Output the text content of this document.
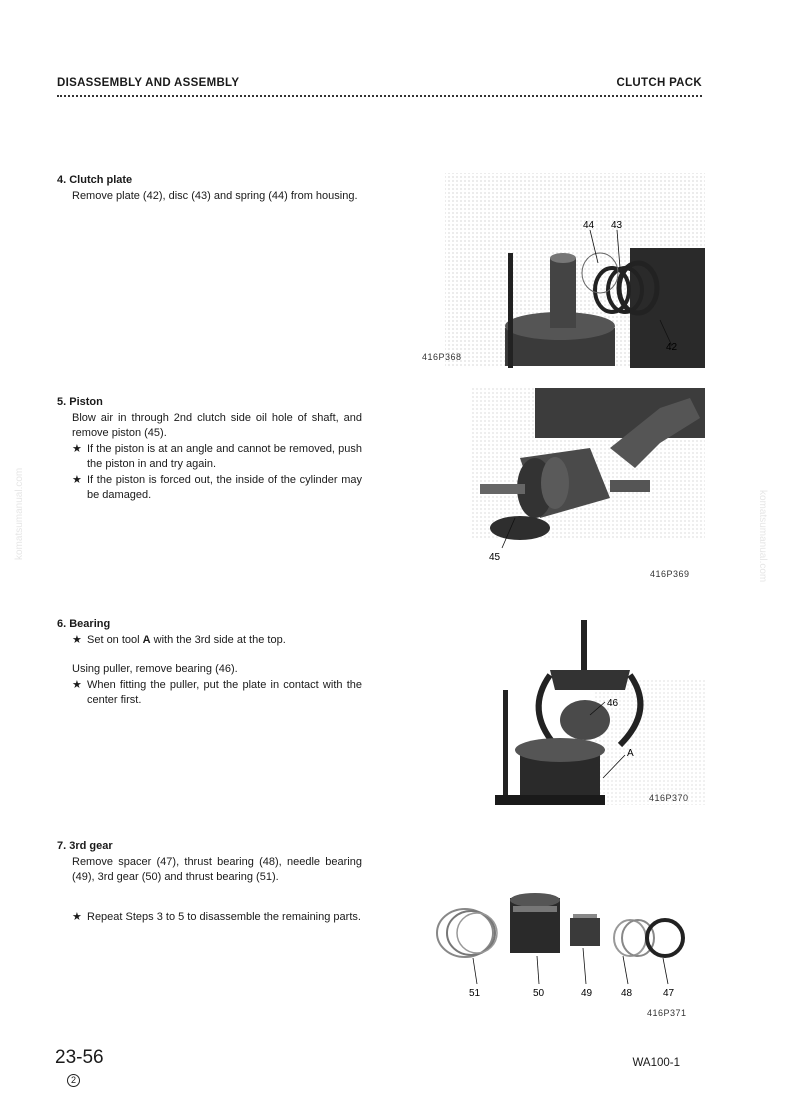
DISASSEMBLY AND ASSEMBLY	CLUTCH PACK
komatsumanual.com	komatsumanual.com
4. Clutch plate
Remove plate (42), disc (43) and spring (44) from housing.
5. Piston
Blow air in through 2nd clutch side oil hole of shaft, and remove piston (45).
★ If the piston is at an angle and cannot be removed, push the piston in and try again.
★ If the piston is forced out, the inside of the cylinder may be damaged.
6. Bearing
★ Set on tool A with the 3rd side at the top.
Using puller, remove bearing (46).
★ When fitting the puller, put the plate in contact with the center first.
7. 3rd gear
Remove spacer (47), thrust bearing (48), needle bearing (49), 3rd gear (50) and thrust bearing (51).
★ Repeat Steps 3 to 5 to disassemble the remaining parts.
44 43
42
416P368
45
416P369
46
A
416P370
51	50	49	48	47
416P371
23-56
2
WA100-1
